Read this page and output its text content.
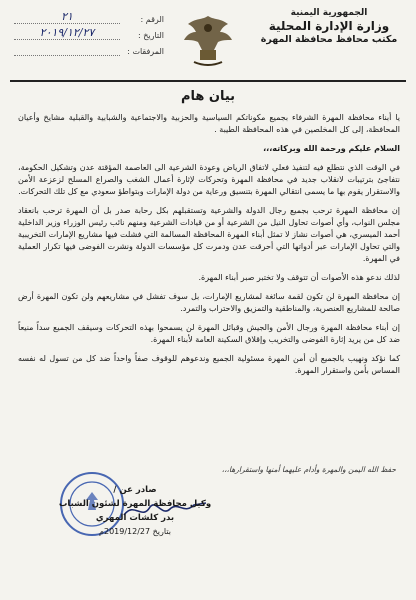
الجمهورية اليمنية
وزارة الإدارة المحلية
مكتب محافظ محافظة المهرة
الرقم :
٢١
التاريخ :
٢٠١٩/١٢/٢٧
المرفقات :
بيان هام

يا أبناء محافظة المهرة الشرفاء بجميع مكوناتكم السياسية والحزبية والاجتماعية والشبابية والقبلية مشايخ وأعيان المحافظة، إلى كل المخلصين في هذه المحافظة الطيبة .

السلام عليكم ورحمة الله وبركاته،،،

في الوقت الذي نتطلع فيه لتنفيذ فعلي لاتفاق الرياض وعودة الشرعية الى العاصمة المؤقتة عدن وتشكيل الحكومة، نتفاجئ بترتيبات لانقلاب جديد في محافظة المهرة وتحركات لإثارة أعمال الشغب والصراع المسلح لزعزعة الأمن والاستقرار يقوم بها ما يسمى انتقالي المهرة بتنسيق ورعاية من دولة الإمارات وبتواطؤ سعودي مع كل تلك التحركات.

إن محافظة المهرة ترحب بجميع رجال الدولة والشرعية وتستقبلهم بكل رحابة صدر بل أن المهرة ترحب بانعقاد مجلس النواب، وأي أصوات تحاول النيل من الشرعية أو من قيادات الشرعية ومنهم نائب رئيس الوزراء وزير الداخلية أحمد الميسري، هي أصوات نشاز لا تمثل أبناء المهرة المحافظة المسالمة التي فشلت فيها مشاريع الإمارات التخريبية والتي تحاول الإمارات عبر أدواتها التي أحرقت عدن ودمرت كل مؤسسات الدولة ونشرت الفوضى فيها تكرار العملية في المهرة.

لذلك ندعو هذه الأصوات أن تتوقف ولا تختبر صبر أبناء المهرة.

إن محافظة المهرة لن تكون لقمة سائغة لمشاريع الإمارات، بل سوف تفشل في مشاريعهم ولن تكون المهرة أرض صالحة للمشاريع العنصرية، والمناطقية والتمزيق والاحتراب والتمرد.

إن أبناء محافظة المهرة ورجال الأمن والجيش وقبائل المهرة لن يسمحوا بهذه التحركات وسيقف الجميع سداً منيعاً ضد كل من يريد إثارة الفوضى والتخريب وإقلاق السكينة العامة لأبناء المهرة.

كما نؤكد ونهيب بالجميع أن أمن المهرة مسئولية الجميع وندعوهم للوقوف صفاً واحداً ضد كل من تسول له نفسه المساس بأمن واستقرار المهرة.

حفظ الله اليمن والمهرة وأدام عليهما أمنها واستقرارها،،،
صادر عن /
وكيل محافظة المهرة لشئون الشباب
بدر كلشات المهري
بتاريخ 2019/12/27م
